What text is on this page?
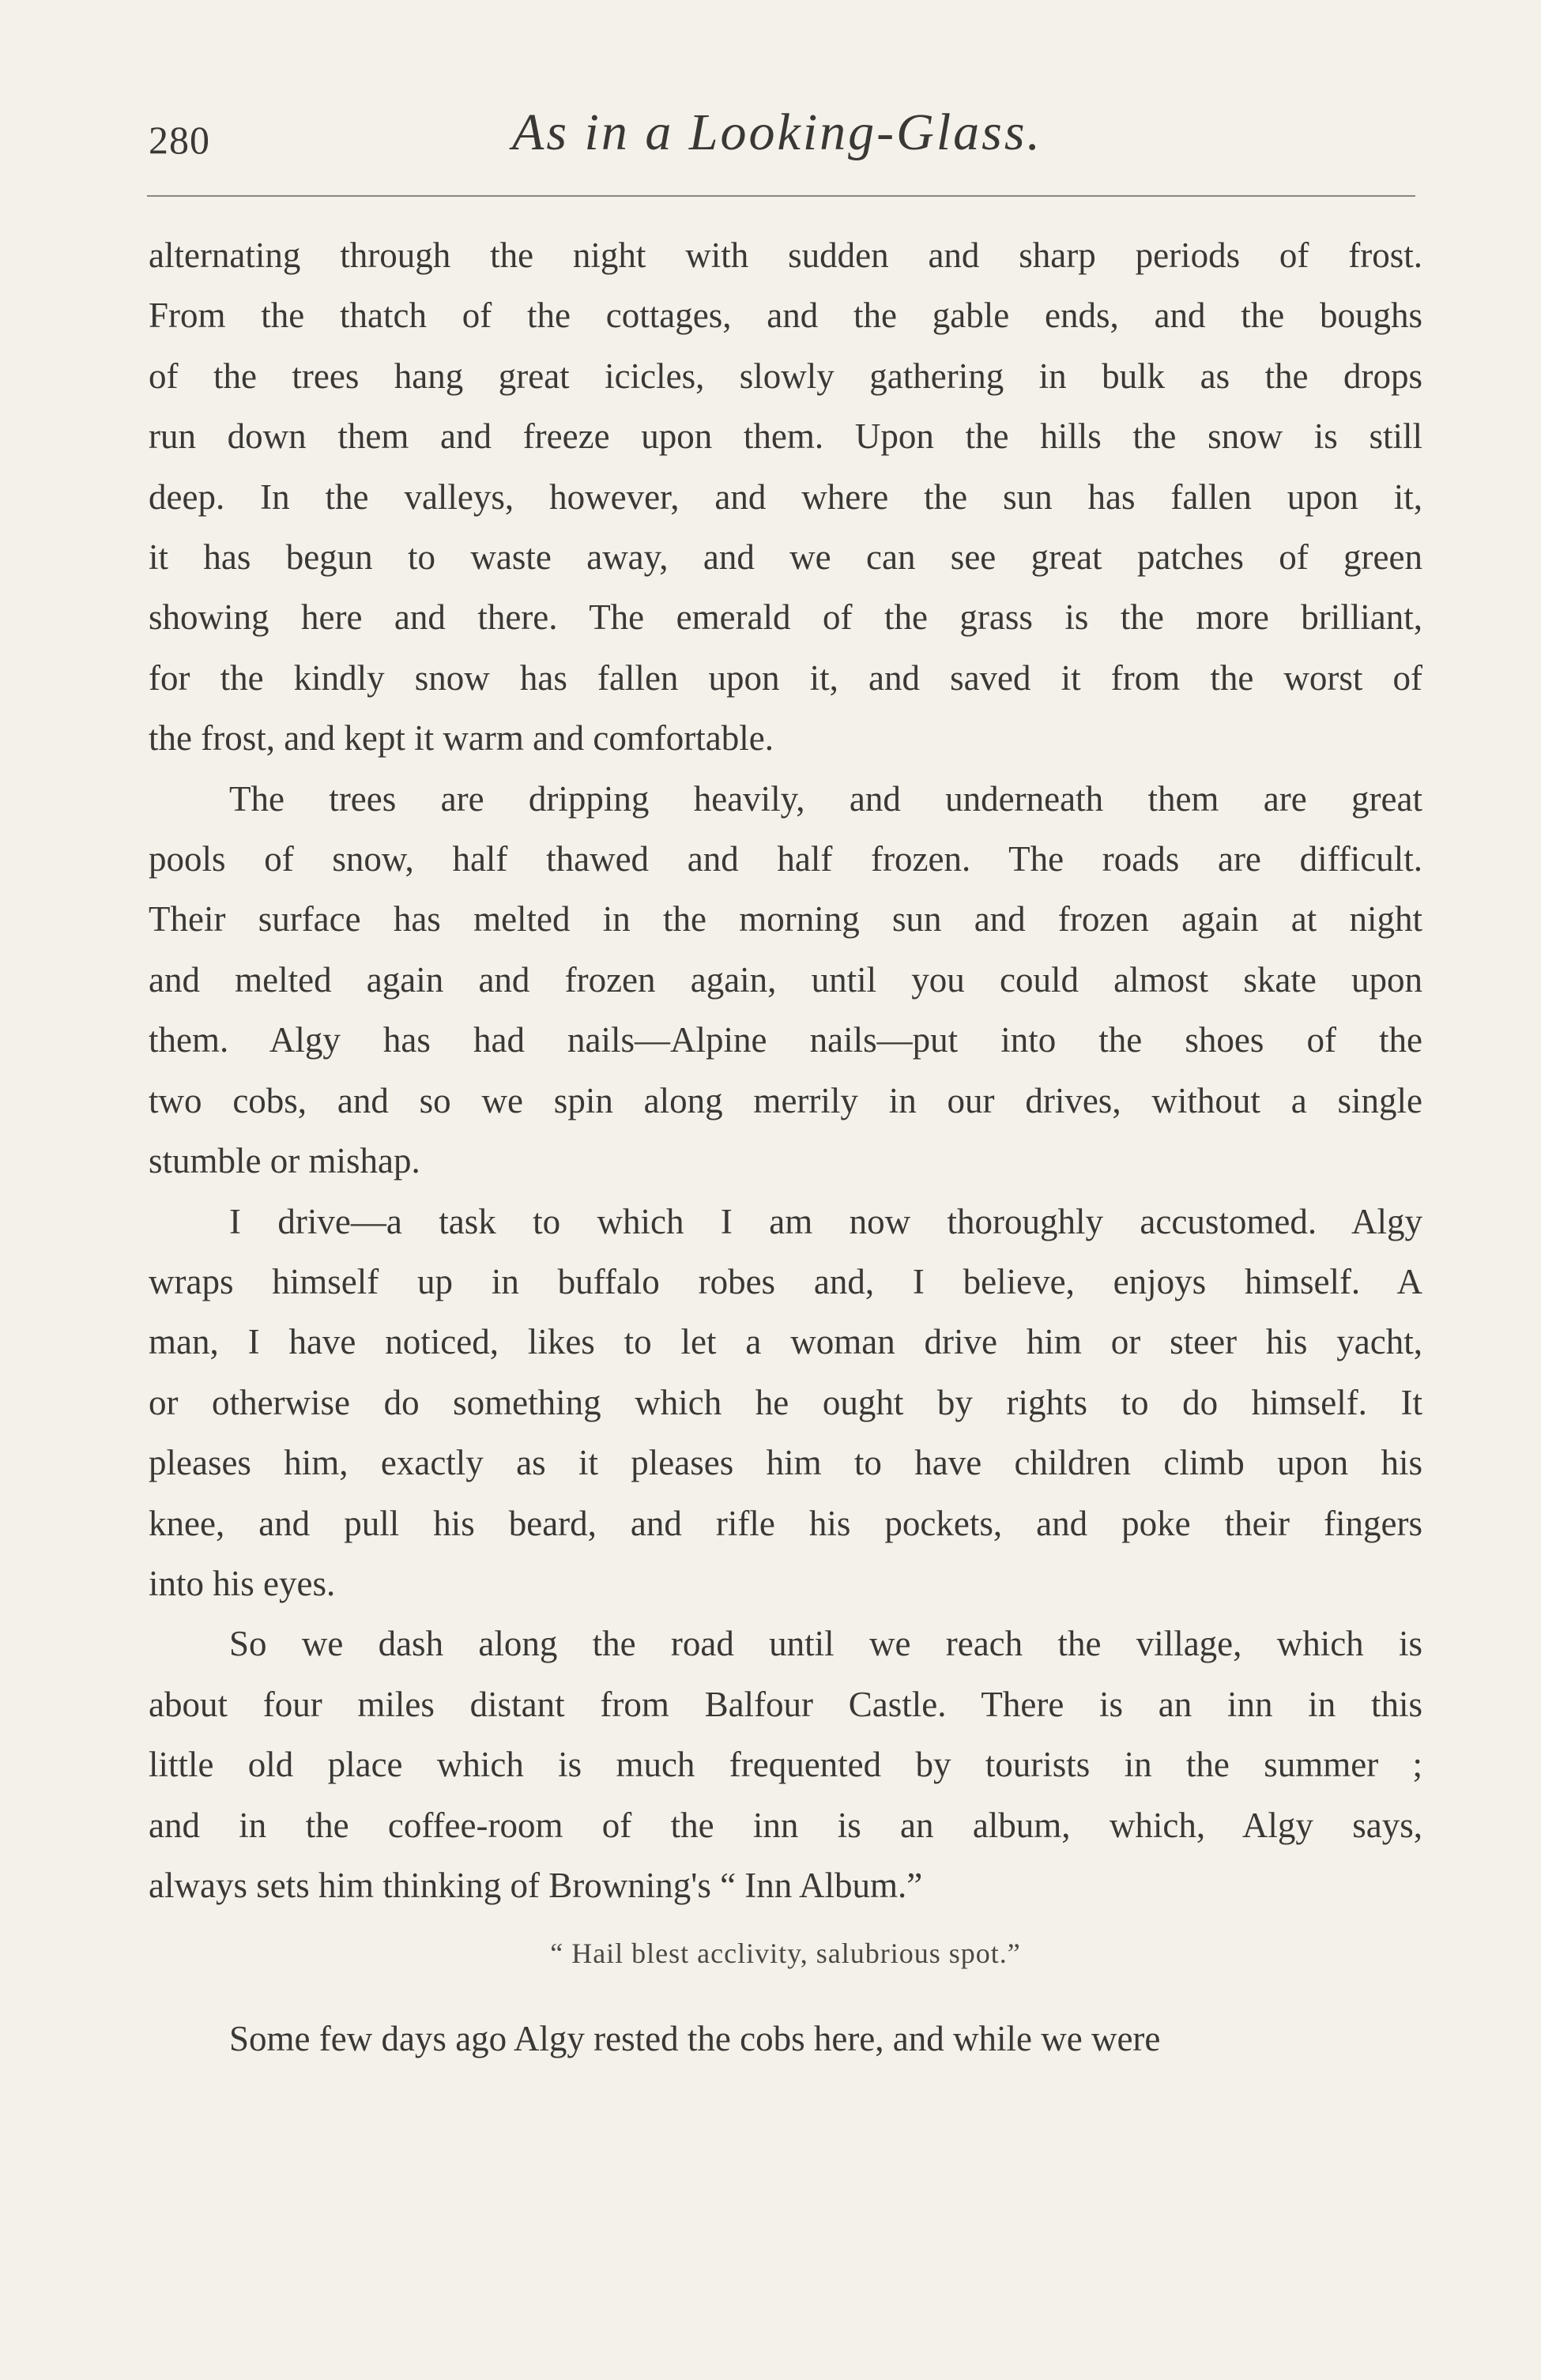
280	As in a Looking-Glass.

alternating through the night with sudden and sharp periods of frost.
From the thatch of the cottages, and the gable ends, and the boughs
of the trees hang great icicles, slowly gathering in bulk as the drops
run down them and freeze upon them. Upon the hills the snow is still
deep. In the valleys, however, and where the sun has fallen upon it,
it has begun to waste away, and we can see great patches of green
showing here and there. The emerald of the grass is the more brilliant,
for the kindly snow has fallen upon it, and saved it from the worst of
the frost, and kept it warm and comfortable.

The trees are dripping heavily, and underneath them are great
pools of snow, half thawed and half frozen. The roads are difficult.
Their surface has melted in the morning sun and frozen again at night
and melted again and frozen again, until you could almost skate upon
them. Algy has had nails—Alpine nails—put into the shoes of the
two cobs, and so we spin along merrily in our drives, without a single
stumble or mishap.

I drive—a task to which I am now thoroughly accustomed. Algy
wraps himself up in buffalo robes and, I believe, enjoys himself. A
man, I have noticed, likes to let a woman drive him or steer his yacht,
or otherwise do something which he ought by rights to do himself. It
pleases him, exactly as it pleases him to have children climb upon his
knee, and pull his beard, and rifle his pockets, and poke their fingers
into his eyes.

So we dash along the road until we reach the village, which is
about four miles distant from Balfour Castle. There is an inn in this
little old place which is much frequented by tourists in the summer ;
and in the coffee-room of the inn is an album, which, Algy says,
always sets him thinking of Browning's “ Inn Album.”

“ Hail blest acclivity, salubrious spot.”

Some few days ago Algy rested the cobs here, and while we were
